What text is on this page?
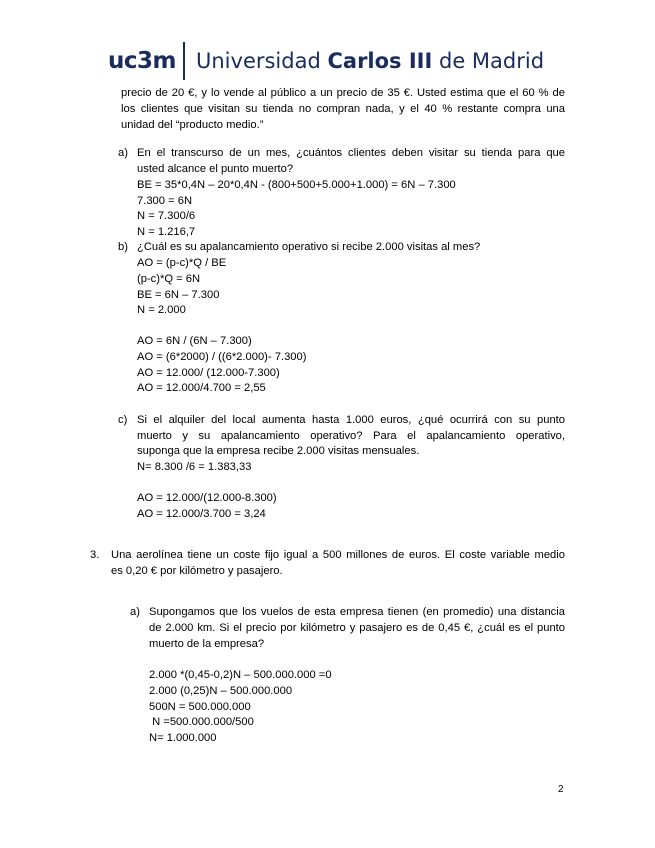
uc3m Universidad Carlos III de Madrid
precio de 20 €, y lo vende al público a un precio de 35 €. Usted estima que el 60 % de
los clientes que visitan su tienda no compran nada, y el 40 % restante compra una
unidad del “producto medio.”
a) En el transcurso de un mes, ¿cuántos clientes deben visitar su tienda para que
usted alcance el punto muerto?
BE = 35*0,4N – 20*0,4N - (800+500+5.000+1.000) = 6N – 7.300
7.300 = 6N
N = 7.300/6
N = 1.216,7
b) ¿Cuál es su apalancamiento operativo si recibe 2.000 visitas al mes?
AO = (p-c)*Q / BE
(p-c)*Q = 6N
BE = 6N – 7.300
N = 2.000
AO = 6N / (6N – 7.300)
AO = (6*2000) / ((6*2.000)- 7.300)
AO = 12.000/ (12.000-7.300)
AO = 12.000/4.700 = 2,55
c) Si el alquiler del local aumenta hasta 1.000 euros, ¿qué ocurrirá con su punto
muerto y su apalancamiento operativo? Para el apalancamiento operativo,
suponga que la empresa recibe 2.000 visitas mensuales.
N= 8.300 /6 = 1.383,33
AO = 12.000/(12.000-8.300)
AO = 12.000/3.700 = 3,24
3. Una aerolínea tiene un coste fijo igual a 500 millones de euros. El coste variable medio
es 0,20 € por kilómetro y pasajero.
a) Supongamos que los vuelos de esta empresa tienen (en promedio) una distancia
de 2.000 km. Si el precio por kilómetro y pasajero es de 0,45 €, ¿cuál es el punto
muerto de la empresa?
2.000 *(0,45-0,2)N – 500.000.000 =0
2.000 (0,25)N – 500.000.000
500N = 500.000.000
N =500.000.000/500
N= 1.000.000
2
